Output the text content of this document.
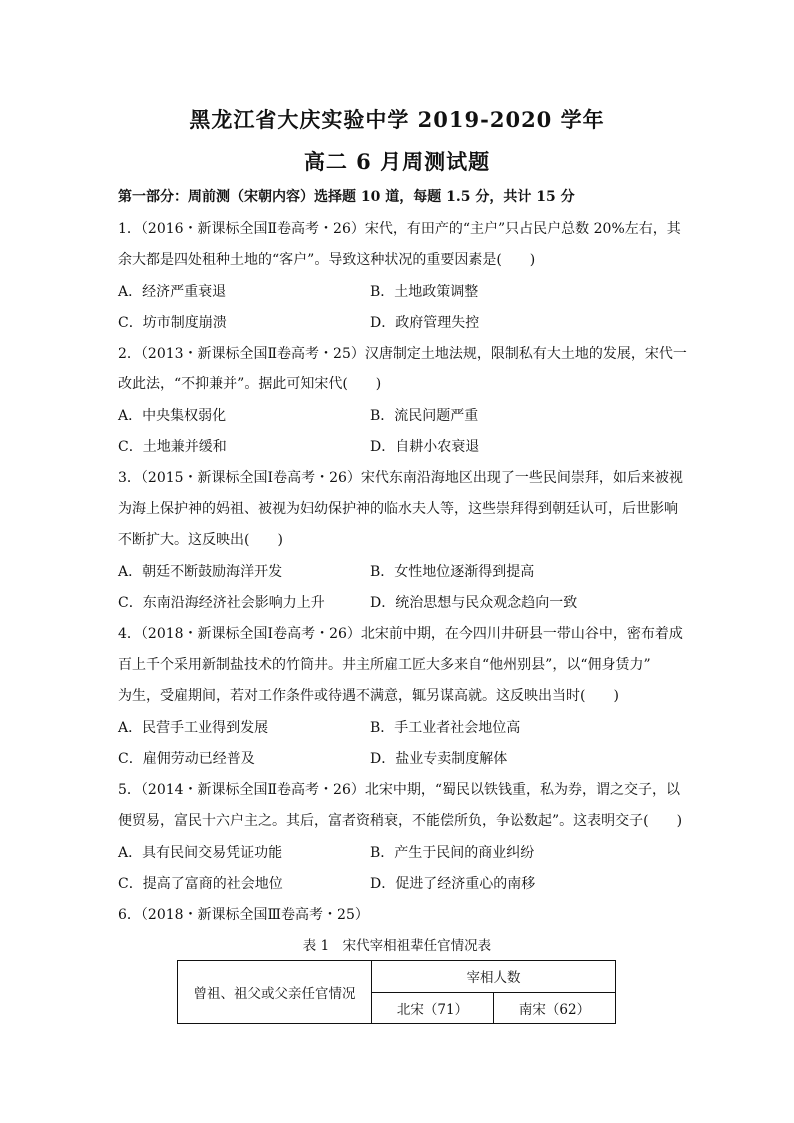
黑龙江省大庆实验中学 2019-2020 学年
高二 6 月周测试题
第一部分：周前测（宋朝内容）选择题 10 道，每题 1.5 分，共计 15 分
1．（2016・新课标全国Ⅱ卷高考・26）宋代，有田产的“主户”只占民户总数 20%左右，其
余大都是四处租种土地的“客户”。导致这种状况的重要因素是(　　)
A．经济严重衰退	B．土地政策调整
C．坊市制度崩溃	D．政府管理失控
2．（2013・新课标全国Ⅱ卷高考・25）汉唐制定土地法规，限制私有大土地的发展，宋代一
改此法，“不抑兼并”。据此可知宋代(　　)
A．中央集权弱化	B．流民问题严重
C．土地兼并缓和	D．自耕小农衰退
3．（2015・新课标全国Ⅰ卷高考・26）宋代东南沿海地区出现了一些民间崇拜，如后来被视
为海上保护神的妈祖、被视为妇幼保护神的临水夫人等，这些崇拜得到朝廷认可，后世影响
不断扩大。这反映出(　　)
A．朝廷不断鼓励海洋开发	B．女性地位逐渐得到提高
C．东南沿海经济社会影响力上升	D．统治思想与民众观念趋向一致
4．（2018・新课标全国Ⅰ卷高考・26）北宋前中期，在今四川井研县一带山谷中，密布着成
百上千个采用新制盐技术的竹筒井。井主所雇工匠大多来自“他州别县”，以“佣身赁力”
为生，受雇期间，若对工作条件或待遇不满意，辄另谋高就。这反映出当时(　　)
A．民营手工业得到发展	B．手工业者社会地位高
C．雇佣劳动已经普及	D．盐业专卖制度解体
5．（2014・新课标全国Ⅱ卷高考・26）北宋中期，“蜀民以铁钱重，私为券，谓之交子，以
便贸易，富民十六户主之。其后，富者资稍衰，不能偿所负，争讼数起”。这表明交子(　　)
A．具有民间交易凭证功能	B．产生于民间的商业纠纷
C．提高了富商的社会地位	D．促进了经济重心的南移
6．（2018・新课标全国Ⅲ卷高考・25）
表 1　宋代宰相祖辈任官情况表
曾祖、祖父或父亲任官情况	宰相人数	
	北宋（71）	南宋（62）
